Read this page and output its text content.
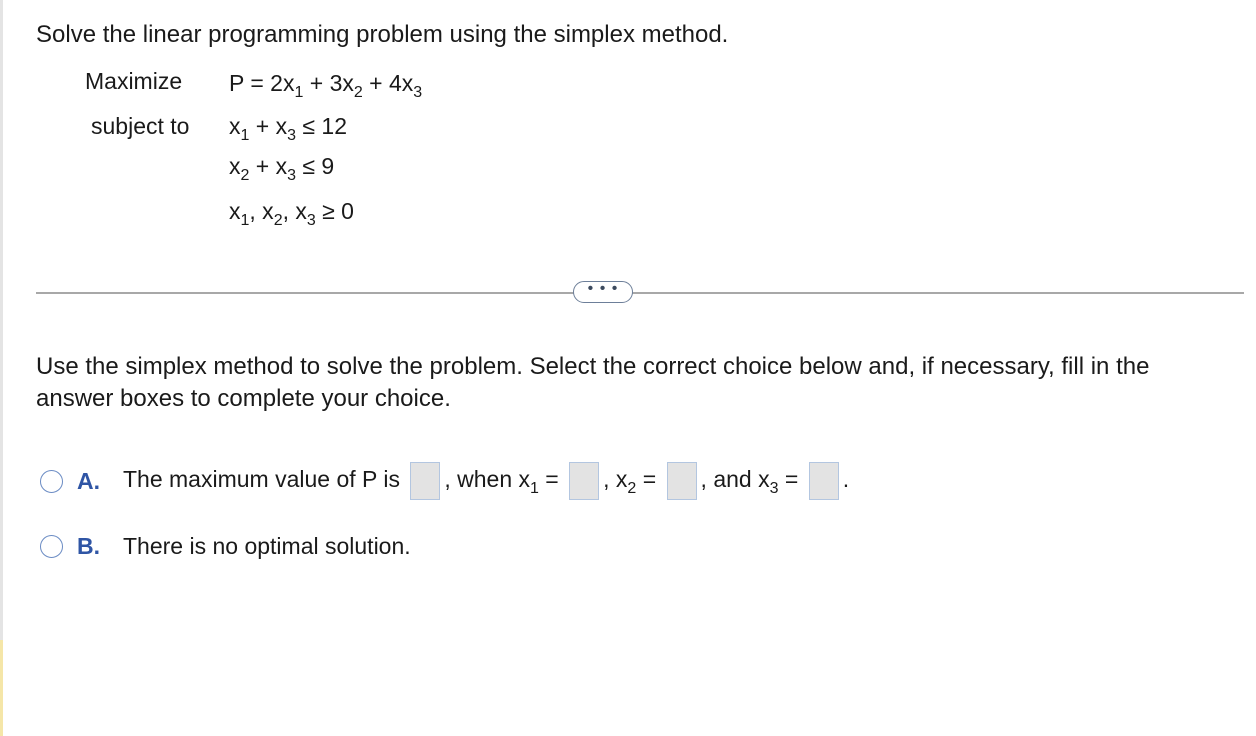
Solve the linear programming problem using the simplex method.
Maximize $P = 2x_1 + 3x_2 + 4x_3$
subject to $x_1 + x_3 \le 12$
$x_2 + x_3 \le 9$
$x_1$, $x_2$, $x_3 \ge 0$
• • •
Use the simplex method to solve the problem. Select the correct choice below and, if necessary, fill in the answer boxes to complete your choice.
A.	The maximum value of P is , when $x_1$ = , $x_2$ = , and $x_3$ = .
B.	There is no optimal solution.
